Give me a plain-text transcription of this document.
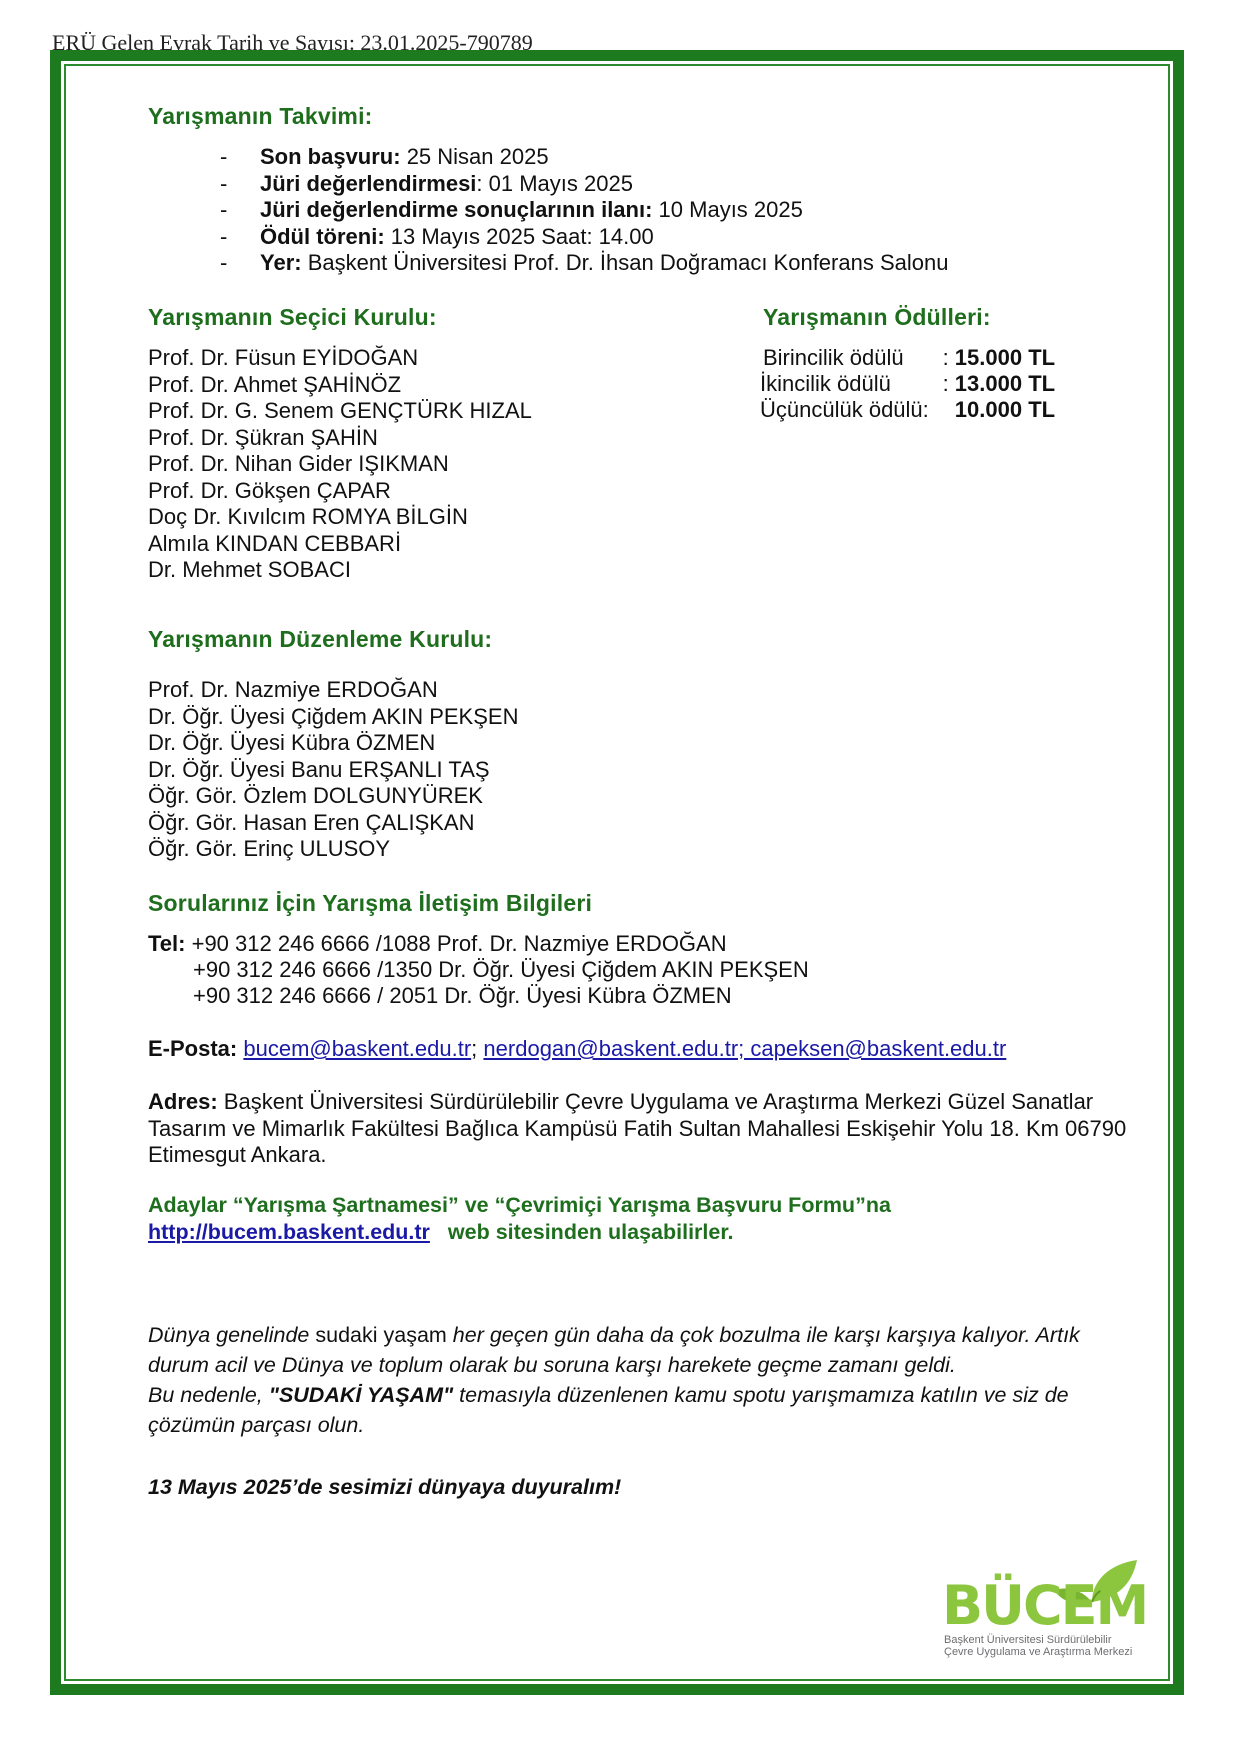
ERÜ Gelen Evrak Tarih ve Sayısı: 23.01.2025-790789
Yarışmanın Takvimi:
- Son başvuru: 25 Nisan 2025
- Jüri değerlendirmesi: 01 Mayıs 2025
- Jüri değerlendirme sonuçlarının ilanı: 10 Mayıs 2025
- Ödül töreni: 13 Mayıs 2025 Saat: 14.00
- Yer: Başkent Üniversitesi Prof. Dr. İhsan Doğramacı Konferans Salonu
Yarışmanın Seçici Kurulu:
Prof. Dr. Füsun EYİDOĞAN
Prof. Dr. Ahmet ŞAHİNÖZ
Prof. Dr. G. Senem GENÇTÜRK HIZAL
Prof. Dr. Şükran ŞAHİN
Prof. Dr. Nihan Gider IŞIKMAN
Prof. Dr. Gökşen ÇAPAR
Doç Dr. Kıvılcım ROMYA BİLGİN
Almıla KINDAN CEBBARİ
Dr. Mehmet SOBACI
Yarışmanın Ödülleri:
Birincilik ödülü	:	15.000 TL
İkincilik ödülü	:	13.000 TL
Üçüncülük ödülü	:	10.000 TL
Yarışmanın Düzenleme Kurulu:
Prof. Dr. Nazmiye ERDOĞAN
Dr. Öğr. Üyesi Çiğdem AKIN PEKŞEN
Dr. Öğr. Üyesi Kübra ÖZMEN
Dr. Öğr. Üyesi Banu ERŞANLI TAŞ
Öğr. Gör. Özlem DOLGUNYÜREK
Öğr. Gör. Hasan Eren ÇALIŞKAN
Öğr. Gör. Erinç ULUSOY
Sorularınız İçin Yarışma İletişim Bilgileri
Tel: +90 312 246 6666 /1088 Prof. Dr. Nazmiye ERDOĞAN
+90 312 246 6666 /1350 Dr. Öğr. Üyesi Çiğdem AKIN PEKŞEN
+90 312 246 6666 / 2051 Dr. Öğr. Üyesi Kübra ÖZMEN
E-Posta: bucem@baskent.edu.tr; nerdogan@baskent.edu.tr; capeksen@baskent.edu.tr
Adres: Başkent Üniversitesi Sürdürülebilir Çevre Uygulama ve Araştırma Merkezi Güzel Sanatlar
Tasarım ve Mimarlık Fakültesi Bağlıca Kampüsü Fatih Sultan Mahallesi Eskişehir Yolu 18. Km 06790
Etimesgut Ankara.
Adaylar “Yarışma Şartnamesi” ve “Çevrimiçi Yarışma Başvuru Formu”na
http://bucem.baskent.edu.tr web sitesinden ulaşabilirler.
Dünya genelinde sudaki yaşam her geçen gün daha da çok bozulma ile karşı karşıya kalıyor. Artık
durum acil ve Dünya ve toplum olarak bu soruna karşı harekete geçme zamanı geldi.
Bu nedenle, "SUDAKİ YAŞAM" temasıyla düzenlenen kamu spotu yarışmamıza katılın ve siz de
çözümün parçası olun.
13 Mayıs 2025’de sesimizi dünyaya duyuralım!
BÜCEM
Başkent Üniversitesi Sürdürülebilir
Çevre Uygulama ve Araştırma Merkezi
